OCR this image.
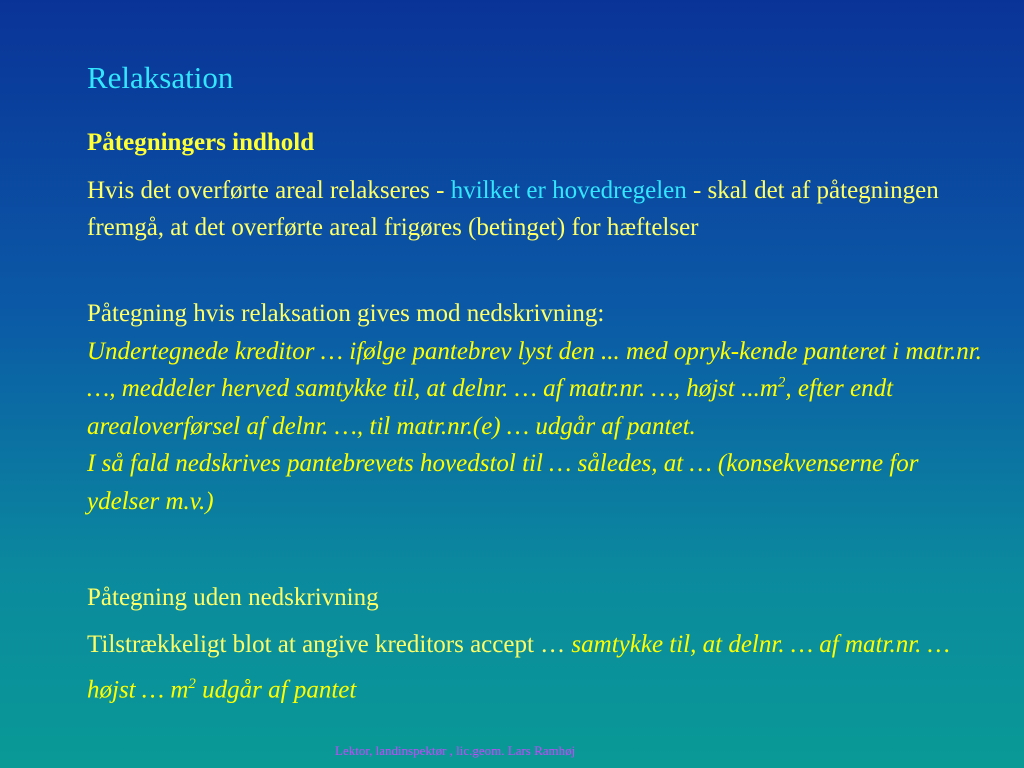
Relaksation
Påtegningers indhold
Hvis det overførte areal relakseres - hvilket er hovedregelen - skal det af påtegningen fremgå, at det overførte areal frigøres (betinget) for hæftelser
Påtegning hvis relaksation gives mod nedskrivning:
Undertegnede kreditor … ifølge pantebrev lyst den ... med opryk-kende panteret i matr.nr. …, meddeler herved samtykke til, at delnr. … af matr.nr. …, højst $...m^2$, efter endt arealoverførsel af delnr. …, til matr.nr.(e) … udgår af pantet.
I så fald nedskrives pantebrevets hovedstol til … således, at … (konsekvenserne for ydelser m.v.)
Påtegning uden nedskrivning
Tilstrækkeligt blot at angive kreditors accept … samtykke til, at delnr. … af matr.nr. … højst … $m^2$ udgår af pantet
Lektor, landinspektør , lic.geom. Lars Ramhøj
